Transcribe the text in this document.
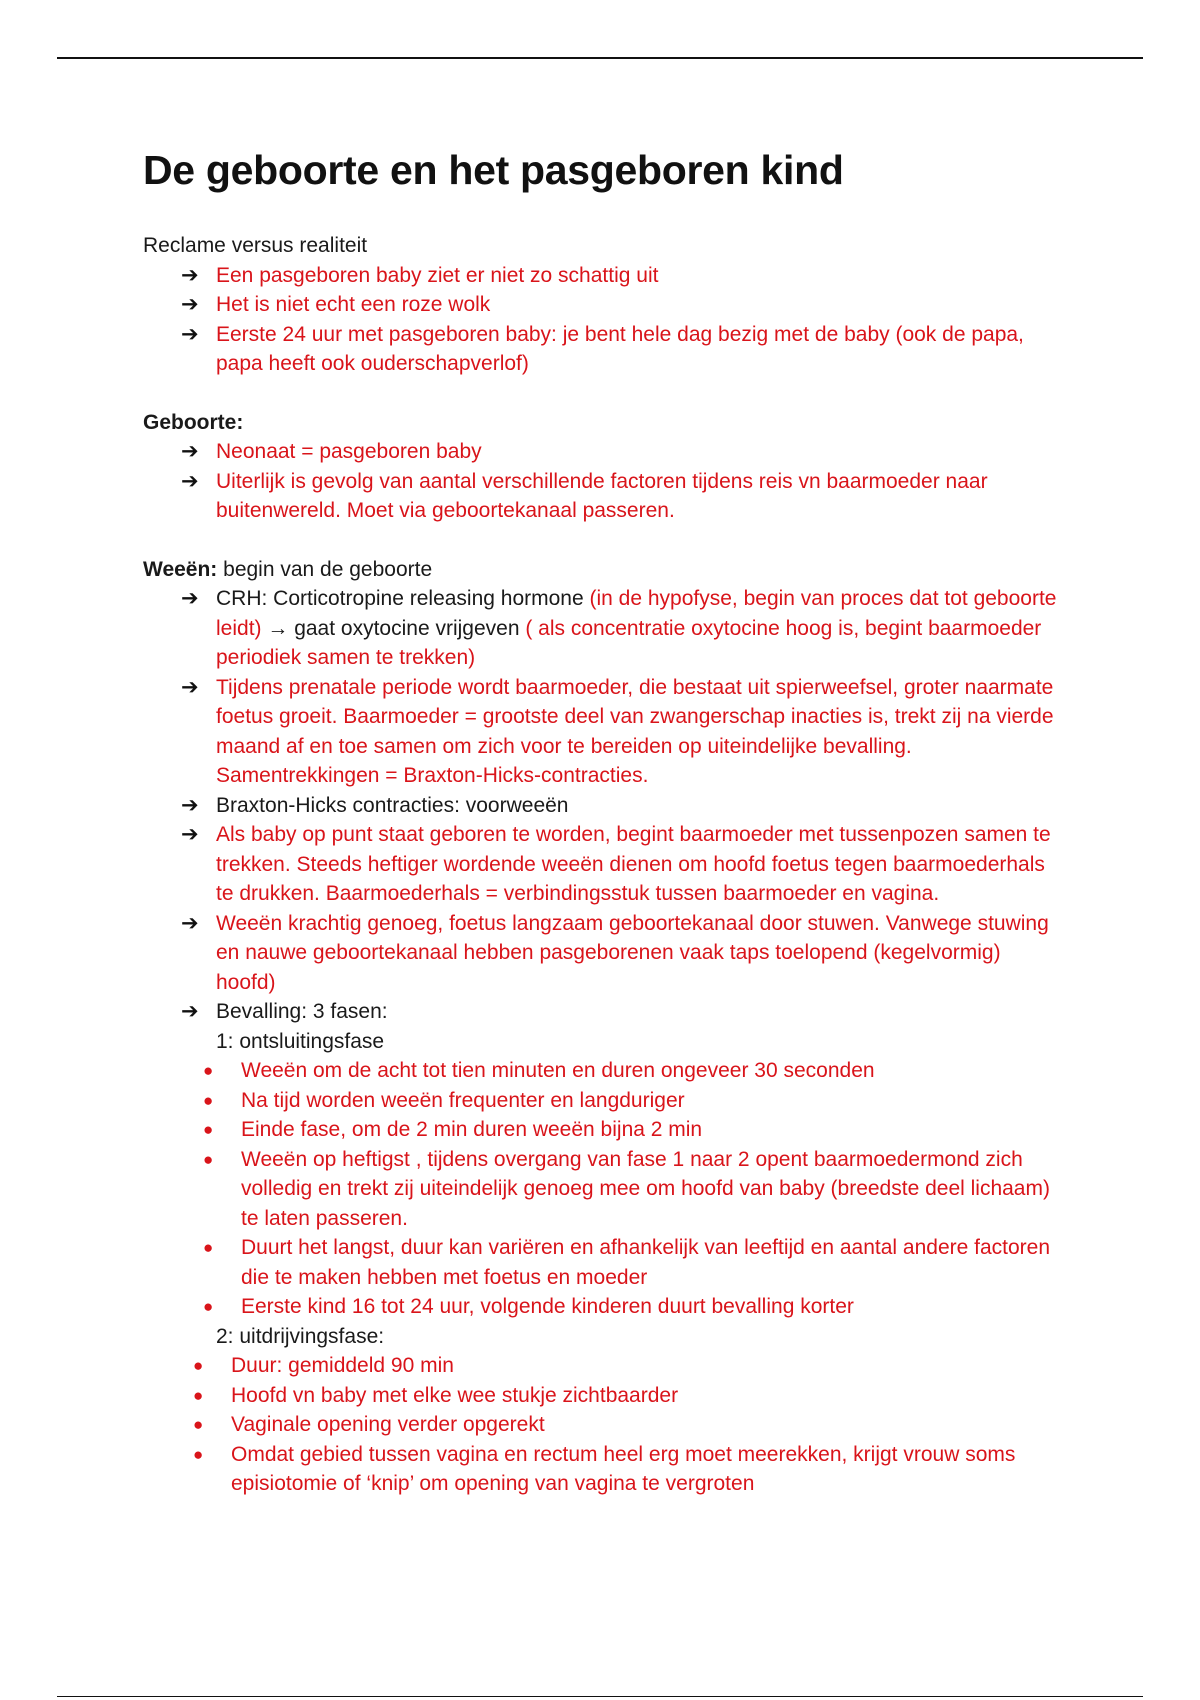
De geboorte en het pasgeboren kind

Reclame versus realiteit

➔ Een pasgeboren baby ziet er niet zo schattig uit
➔ Het is niet echt een roze wolk
➔ Eerste 24 uur met pasgeboren baby: je bent hele dag bezig met de baby (ook de papa, papa heeft ook ouderschapverlof)

Geboorte:

➔ Neonaat = pasgeboren baby
➔ Uiterlijk is gevolg van aantal verschillende factoren tijdens reis vn baarmoeder naar buitenwereld. Moet via geboortekanaal passeren.

Weeën: begin van de geboorte

➔ CRH: Corticotropine releasing hormone (in de hypofyse, begin van proces dat tot geboorte leidt) → gaat oxytocine vrijgeven ( als concentratie oxytocine hoog is, begint baarmoeder periodiek samen te trekken)
➔ Tijdens prenatale periode wordt baarmoeder, die bestaat uit spierweefsel, groter naarmate foetus groeit. Baarmoeder = grootste deel van zwangerschap inacties is, trekt zij na vierde maand af en toe samen om zich voor te bereiden op uiteindelijke bevalling. Samentrekkingen = Braxton-Hicks-contracties.
➔ Braxton-Hicks contracties: voorweeën
➔ Als baby op punt staat geboren te worden, begint baarmoeder met tussenpozen samen te trekken. Steeds heftiger wordende weeën dienen om hoofd foetus tegen baarmoederhals te drukken. Baarmoederhals = verbindingsstuk tussen baarmoeder en vagina.
➔ Weeën krachtig genoeg, foetus langzaam geboortekanaal door stuwen. Vanwege stuwing en nauwe geboortekanaal hebben pasgeborenen vaak taps toelopend (kegelvormig) hoofd)
➔ Bevalling: 3 fasen:

1: ontsluitingsfase

● Weeën om de acht tot tien minuten en duren ongeveer 30 seconden
● Na tijd worden weeën frequenter en langduriger
● Einde fase, om de 2 min duren weeën bijna 2 min
● Weeën op heftigst , tijdens overgang van fase 1 naar 2 opent baarmoedermond zich volledig en trekt zij uiteindelijk genoeg mee om hoofd van baby (breedste deel lichaam) te laten passeren.
● Duurt het langst, duur kan variëren en afhankelijk van leeftijd en aantal andere factoren die te maken hebben met foetus en moeder
● Eerste kind 16 tot 24 uur, volgende kinderen duurt bevalling korter

2: uitdrijvingsfase:

● Duur: gemiddeld 90 min
● Hoofd vn baby met elke wee stukje zichtbaarder
● Vaginale opening verder opgerekt
● Omdat gebied tussen vagina en rectum heel erg moet meerekken, krijgt vrouw soms episiotomie of ‘knip’ om opening van vagina te vergroten
